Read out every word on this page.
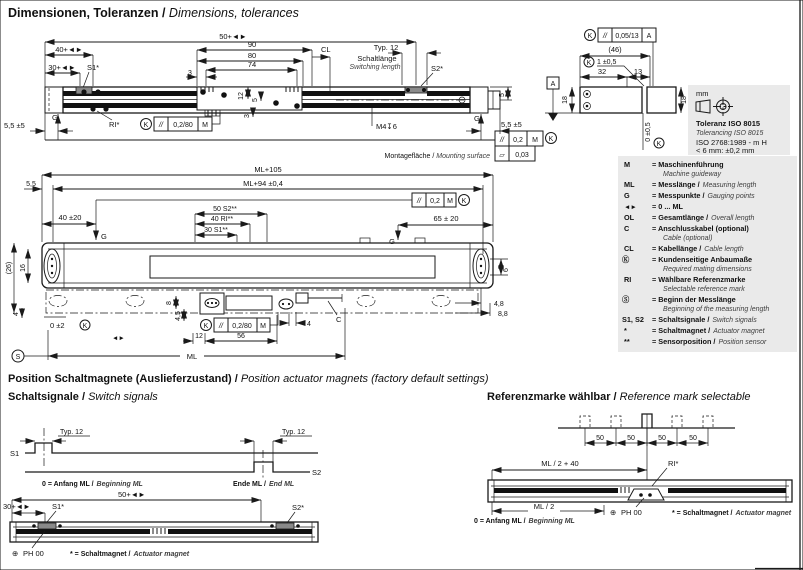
Dimensionen, Toleranzen / Dimensions, tolerances
50+◄►
40+◄►
30+◄►
90
80
74
3
CL	Typ. 12
Schaltlänge
Switching length	S2*
S1*
RI*
12
5
3
M4↧6
5
G	G
5,5 ±5	5,5 ±5
K // 0,2/80 M
Montagefläche / Mounting surface
// 0,2 M K
▱ 0,03
K // 0,05/13 A
(46)
K 1 ±0,5
32	13
18	18
A
0 ±0,5
K
mm
Toleranz ISO 8015
Tolerancing ISO 8015
ISO 2768:1989 - m H
< 6 mm: ±0,2 mm
M	= Maschinenführung
Machine guideway
ML = Messlänge / Measuring length
G	= Messpunkte / Gauging points
◄► = 0 ... ML
OL = Gesamtlänge / Overall length
C	= Anschlusskabel (optional)
Cable (optional)
CL	= Kabellänge / Cable length
Ⓚ	= Kundenseitige Anbaumaße
Required mating dimensions
RI	= Wählbare Referenzmarke
Selectable reference mark
Ⓢ	= Beginn der Messlänge
Beginning of the measuring length
S1, S2 = Schaltsignale / Switch signals
*	= Schaltmagnet / Actuator magnet
**	= Sensorposition / Position sensor
ML+105
ML+94 ±0,4
5,5
40 ±20
50 S2**
40 RI**
30 S1**
// 0,2 M K
G
G
65 ± 20
C
(26) 16
4
0 ±2	K
8
4,5
K // 0,2/80 M
12	56
4
6
4,8
8,8
S	ML
◄►
Position Schaltmagnete (Auslieferzustand) / Position actuator magnets (factory default settings)
Schaltsignale / Switch signals	Referenzmarke wählbar / Reference mark selectable
S1
Typ. 12	Typ. 12
S2
0 = Anfang ML / Beginning ML	Ende ML / End ML
50+◄►
30+◄►	S1*	S2*
⊕ PH 00	* = Schaltmagnet / Actuator magnet
50	50	50	50
ML / 2 + 40	RI*
ML / 2
0 = Anfang ML / Beginning ML
⊕ PH 00	* = Schaltmagnet / Actuator magnet
